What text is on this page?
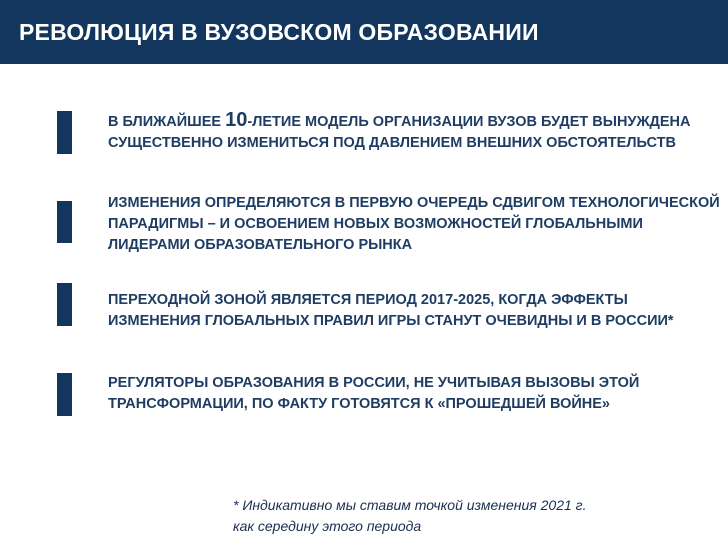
РЕВОЛЮЦИЯ В ВУЗОВСКОМ ОБРАЗОВАНИИ

В БЛИЖАЙШЕЕ 10-ЛЕТИЕ МОДЕЛЬ ОРГАНИЗАЦИИ ВУЗОВ БУДЕТ ВЫНУЖДЕНА СУЩЕСТВЕННО ИЗМЕНИТЬСЯ ПОД ДАВЛЕНИЕМ ВНЕШНИХ ОБСТОЯТЕЛЬСТВ

ИЗМЕНЕНИЯ ОПРЕДЕЛЯЮТСЯ В ПЕРВУЮ ОЧЕРЕДЬ СДВИГОМ ТЕХНОЛОГИЧЕСКОЙ ПАРАДИГМЫ – И ОСВОЕНИЕМ НОВЫХ ВОЗМОЖНОСТЕЙ ГЛОБАЛЬНЫМИ ЛИДЕРАМИ ОБРАЗОВАТЕЛЬНОГО РЫНКА

ПЕРЕХОДНОЙ ЗОНОЙ ЯВЛЯЕТСЯ ПЕРИОД 2017-2025, КОГДА ЭФФЕКТЫ ИЗМЕНЕНИЯ ГЛОБАЛЬНЫХ ПРАВИЛ ИГРЫ СТАНУТ ОЧЕВИДНЫ И В РОССИИ*

РЕГУЛЯТОРЫ ОБРАЗОВАНИЯ В РОССИИ, НЕ УЧИТЫВАЯ ВЫЗОВЫ ЭТОЙ ТРАНСФОРМАЦИИ, ПО ФАКТУ ГОТОВЯТСЯ К «ПРОШЕДШЕЙ ВОЙНЕ»

* Индикативно мы ставим точкой изменения 2021 г.
как середину этого периода
